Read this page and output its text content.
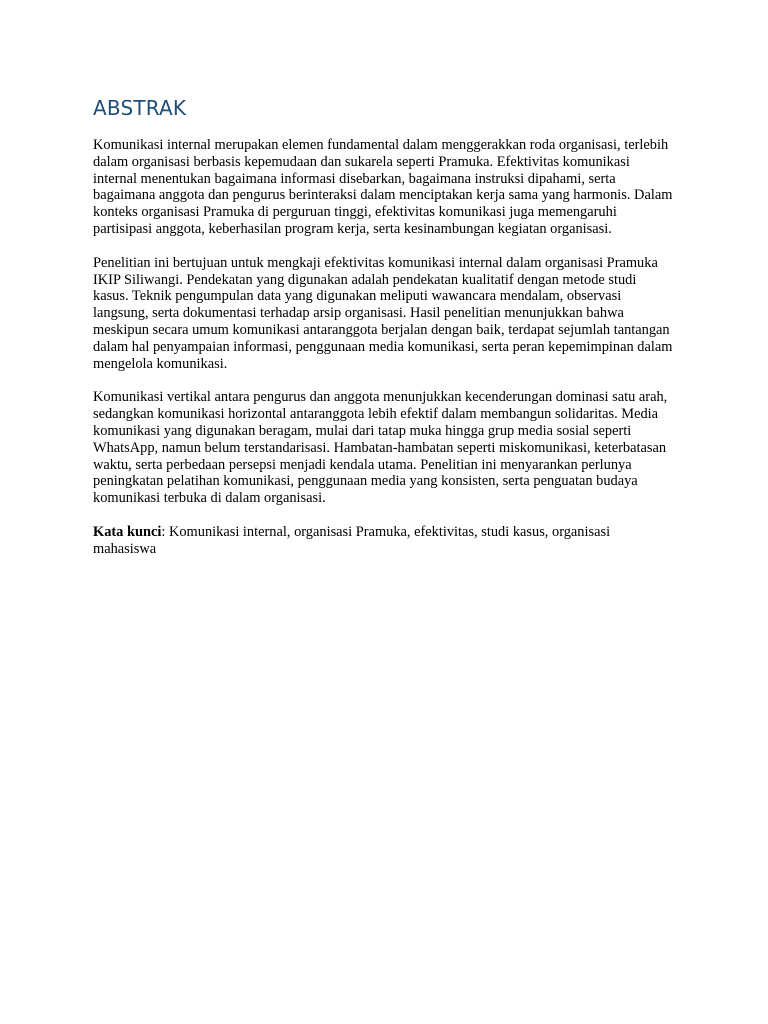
ABSTRAK

Komunikasi internal merupakan elemen fundamental dalam menggerakkan roda organisasi, terlebih dalam organisasi berbasis kepemudaan dan sukarela seperti Pramuka. Efektivitas komunikasi internal menentukan bagaimana informasi disebarkan, bagaimana instruksi dipahami, serta bagaimana anggota dan pengurus berinteraksi dalam menciptakan kerja sama yang harmonis. Dalam konteks organisasi Pramuka di perguruan tinggi, efektivitas komunikasi juga memengaruhi partisipasi anggota, keberhasilan program kerja, serta kesinambungan kegiatan organisasi.

Penelitian ini bertujuan untuk mengkaji efektivitas komunikasi internal dalam organisasi Pramuka IKIP Siliwangi. Pendekatan yang digunakan adalah pendekatan kualitatif dengan metode studi kasus. Teknik pengumpulan data yang digunakan meliputi wawancara mendalam, observasi langsung, serta dokumentasi terhadap arsip organisasi. Hasil penelitian menunjukkan bahwa meskipun secara umum komunikasi antaranggota berjalan dengan baik, terdapat sejumlah tantangan dalam hal penyampaian informasi, penggunaan media komunikasi, serta peran kepemimpinan dalam mengelola komunikasi.

Komunikasi vertikal antara pengurus dan anggota menunjukkan kecenderungan dominasi satu arah, sedangkan komunikasi horizontal antaranggota lebih efektif dalam membangun solidaritas. Media komunikasi yang digunakan beragam, mulai dari tatap muka hingga grup media sosial seperti WhatsApp, namun belum terstandarisasi. Hambatan-hambatan seperti miskomunikasi, keterbatasan waktu, serta perbedaan persepsi menjadi kendala utama. Penelitian ini menyarankan perlunya peningkatan pelatihan komunikasi, penggunaan media yang konsisten, serta penguatan budaya komunikasi terbuka di dalam organisasi.

Kata kunci: Komunikasi internal, organisasi Pramuka, efektivitas, studi kasus, organisasi mahasiswa
